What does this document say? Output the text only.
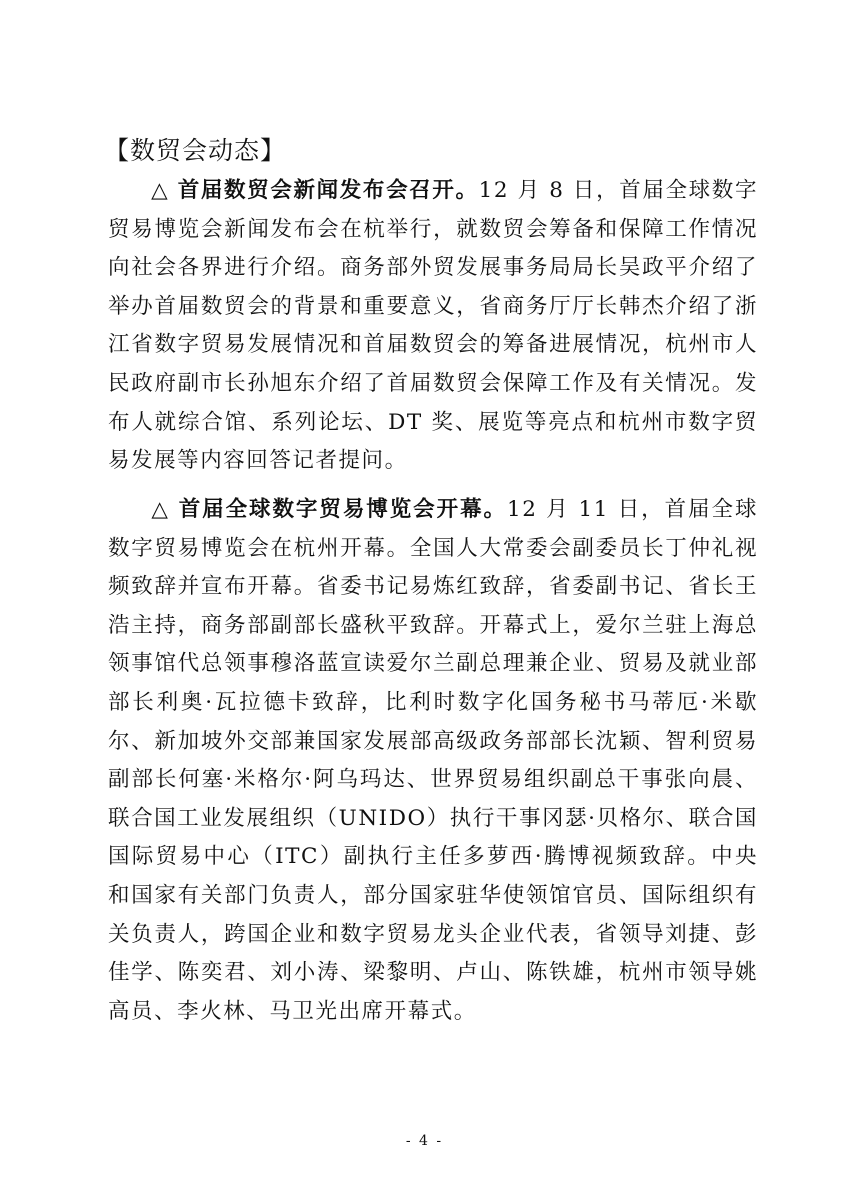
【数贸会动态】

△ 首届数贸会新闻发布会召开。12 月 8 日，首届全球数字贸易博览会新闻发布会在杭举行，就数贸会筹备和保障工作情况向社会各界进行介绍。商务部外贸发展事务局局长吴政平介绍了举办首届数贸会的背景和重要意义，省商务厅厅长韩杰介绍了浙江省数字贸易发展情况和首届数贸会的筹备进展情况，杭州市人民政府副市长孙旭东介绍了首届数贸会保障工作及有关情况。发布人就综合馆、系列论坛、DT 奖、展览等亮点和杭州市数字贸易发展等内容回答记者提问。

△ 首届全球数字贸易博览会开幕。12 月 11 日，首届全球数字贸易博览会在杭州开幕。全国人大常委会副委员长丁仲礼视频致辞并宣布开幕。省委书记易炼红致辞，省委副书记、省长王浩主持，商务部副部长盛秋平致辞。开幕式上，爱尔兰驻上海总领事馆代总领事穆洛蓝宣读爱尔兰副总理兼企业、贸易及就业部部长利奥·瓦拉德卡致辞，比利时数字化国务秘书马蒂厄·米歇尔、新加坡外交部兼国家发展部高级政务部部长沈颖、智利贸易副部长何塞·米格尔·阿乌玛达、世界贸易组织副总干事张向晨、联合国工业发展组织（UNIDO）执行干事冈瑟·贝格尔、联合国国际贸易中心（ITC）副执行主任多萝西·腾博视频致辞。中央和国家有关部门负责人，部分国家驻华使领馆官员、国际组织有关负责人，跨国企业和数字贸易龙头企业代表，省领导刘捷、彭佳学、陈奕君、刘小涛、梁黎明、卢山、陈铁雄，杭州市领导姚高员、李火林、马卫光出席开幕式。

- 4 -
